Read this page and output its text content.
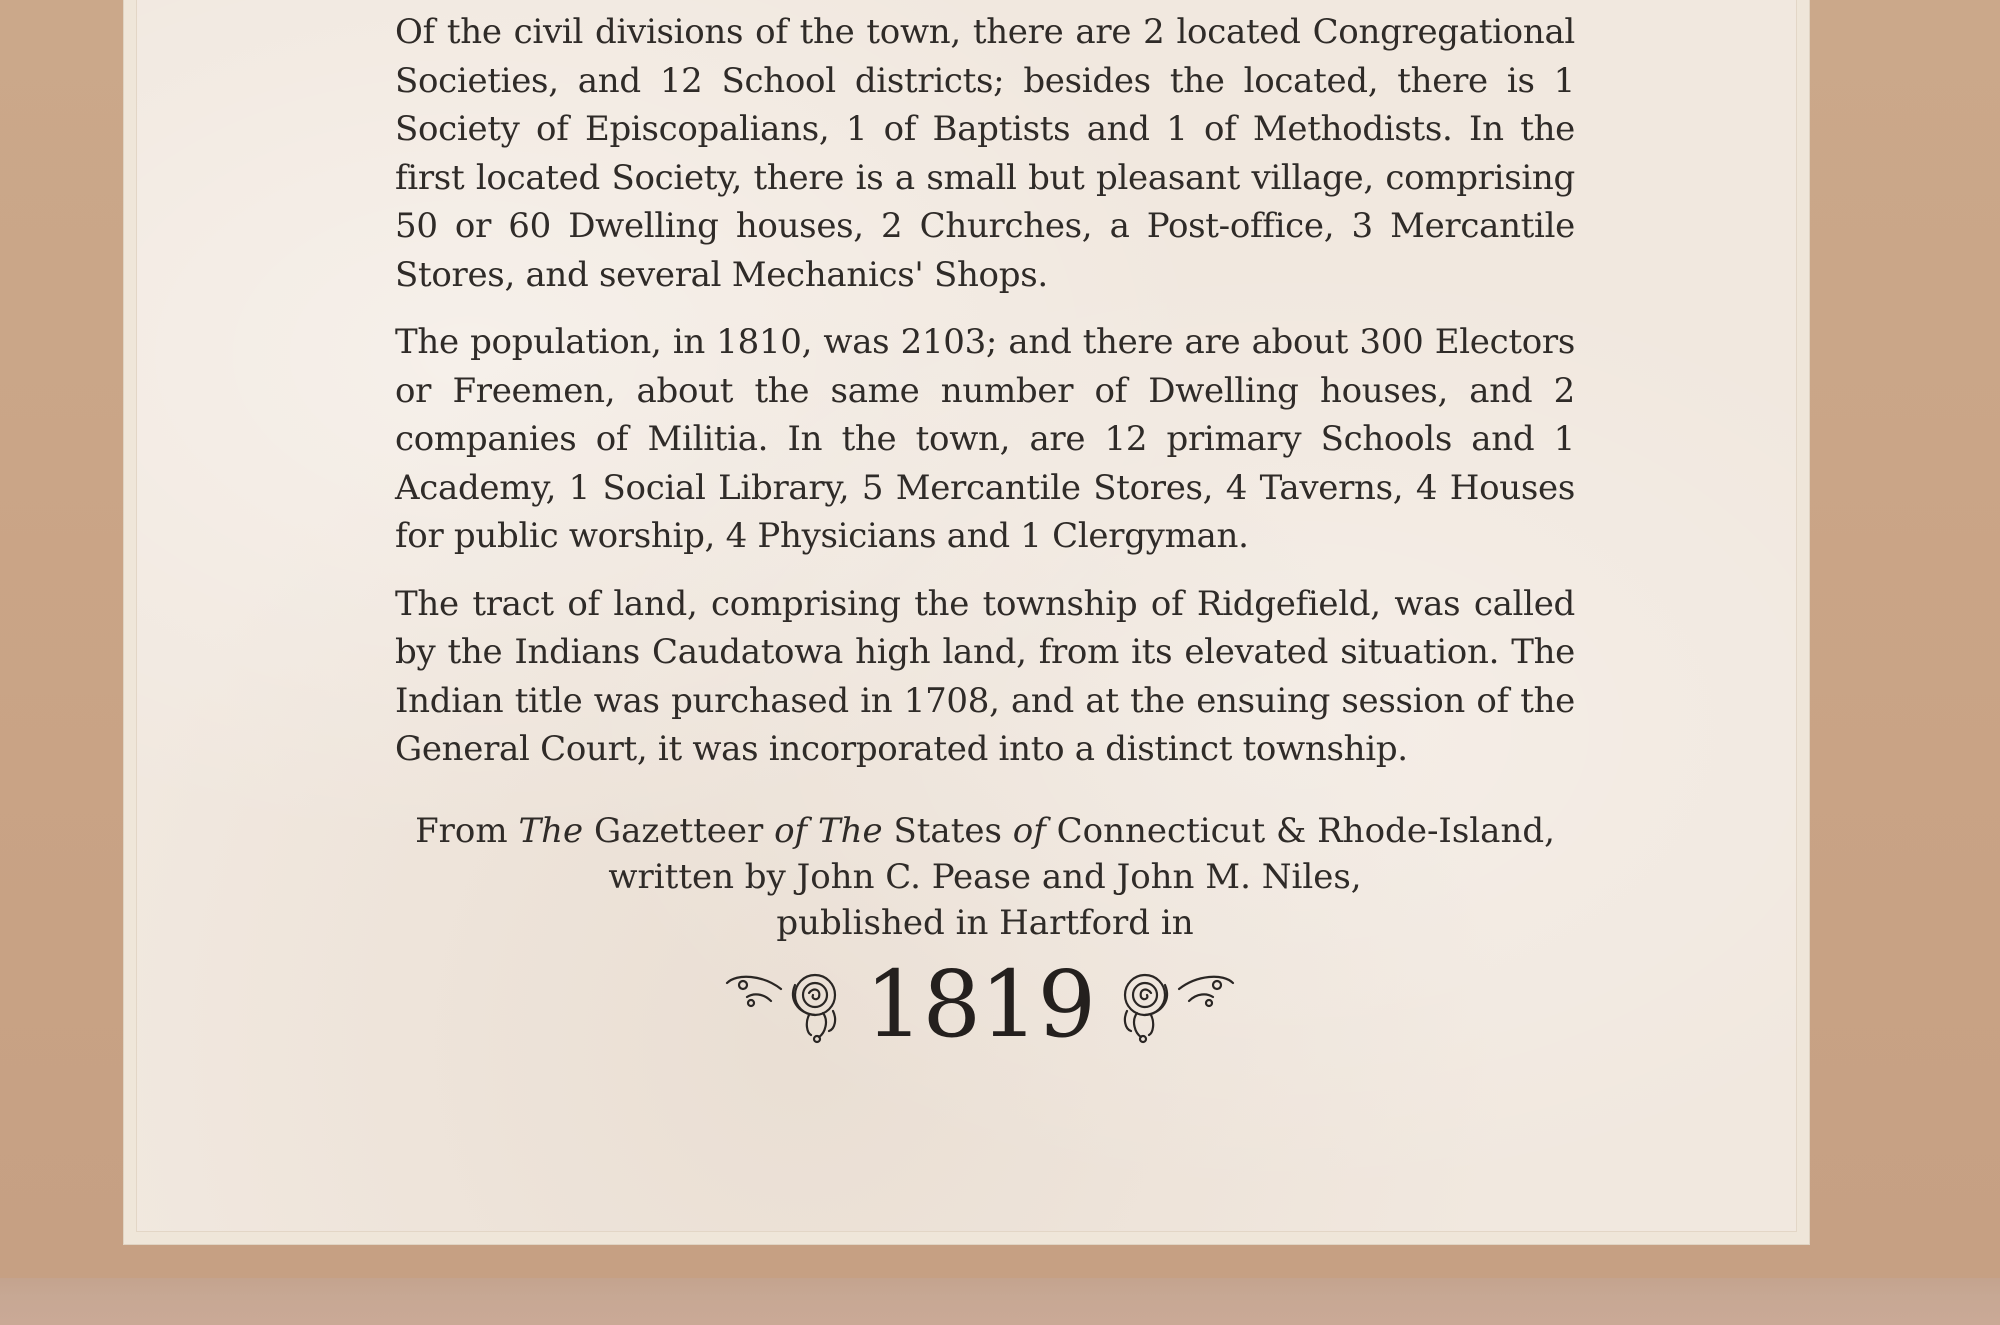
Of the civil divisions of the town, there are 2 located Congregational Societies, and 12 School districts; besides the located, there is 1 Society of Episcopalians, 1 of Baptists and 1 of Methodists. In the first located Society, there is a small but pleasant village, comprising 50 or 60 Dwelling houses, 2 Churches, a Post-office, 3 Mercantile Stores, and several Mechanics' Shops.

The population, in 1810, was 2103; and there are about 300 Electors or Freemen, about the same number of Dwelling houses, and 2 companies of Militia. In the town, are 12 primary Schools and 1 Academy, 1 Social Library, 5 Mercantile Stores, 4 Taverns, 4 Houses for public worship, 4 Physicians and 1 Clergyman.

The tract of land, comprising the township of Ridgefield, was called by the Indians Caudatowa high land, from its elevated situation. The Indian title was purchased in 1708, and at the ensuing session of the General Court, it was incorporated into a distinct township.

From The Gazetteer of The States of Connecticut & Rhode-Island,
written by John C. Pease and John M. Niles,
published in Hartford in
1819
